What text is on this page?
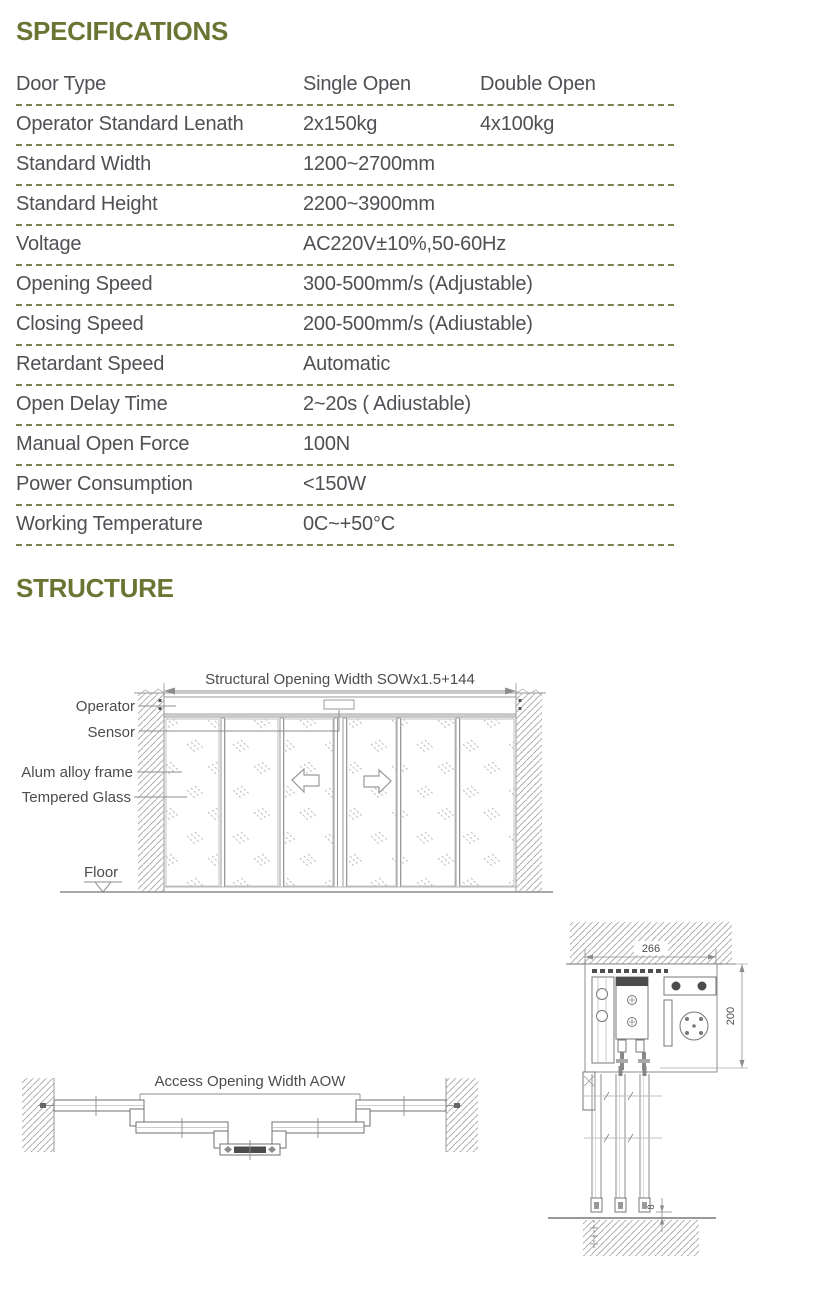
SPECIFICATIONS
Door Type	Single Open	Double Open
Operator Standard Lenath	2x150kg	4x100kg
Standard Width	1200~2700mm
Standard Height	2200~3900mm
Voltage	AC220V±10%,50-60Hz
Opening Speed	300-500mm/s (Adjustable)
Closing Speed	200-500mm/s (Adiustable)
Retardant Speed	Automatic
Open Delay Time	2~20s ( Adiustable)
Manual Open Force	100N
Power Consumption	<150W
Working Temperature	0C~+50°C
STRUCTURE
Structural Opening Width SOWx1.5+144
Operator
Sensor
Alum alloy frame
Tempered Glass
Floor
Access Opening Width AOW
266
200
8
